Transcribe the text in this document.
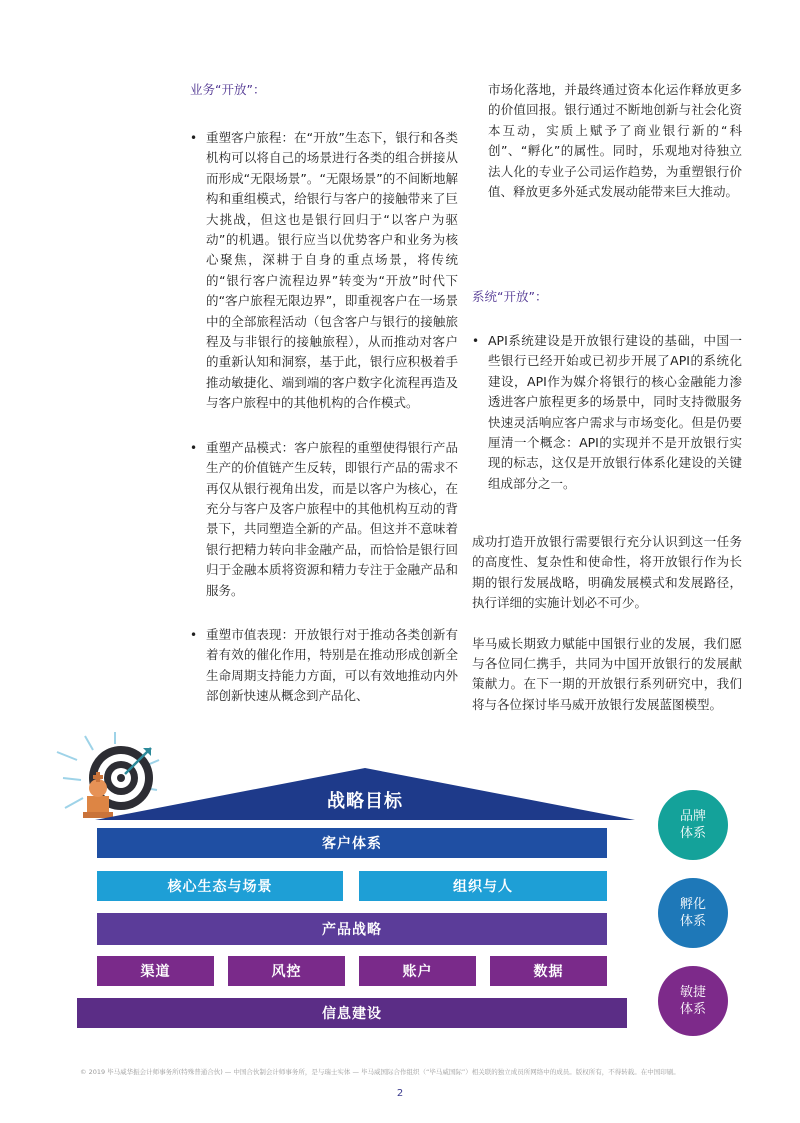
业务“开放”：
• 重塑客户旅程：在“开放”生态下，银行和各类机构可以将自己的场景进行各类的组合拼接从而形成“无限场景”。“无限场景”的不间断地解构和重组模式，给银行与客户的接触带来了巨大挑战，但这也是银行回归于“以客户为驱动”的机遇。银行应当以优势客户和业务为核心聚焦，深耕于自身的重点场景，将传统的“银行客户流程边界”转变为“开放”时代下的“客户旅程无限边界”，即重视客户在一场景中的全部旅程活动（包含客户与银行的接触旅程及与非银行的接触旅程），从而推动对客户的重新认知和洞察，基于此，银行应积极着手推动敏捷化、端到端的客户数字化流程再造及与客户旅程中的其他机构的合作模式。
• 重塑产品模式：客户旅程的重塑使得银行产品生产的价值链产生反转，即银行产品的需求不再仅从银行视角出发，而是以客户为核心，在充分与客户及客户旅程中的其他机构互动的背景下，共同塑造全新的产品。但这并不意味着银行把精力转向非金融产品，而恰恰是银行回归于金融本质将资源和精力专注于金融产品和服务。
• 重塑市值表现：开放银行对于推动各类创新有着有效的催化作用，特别是在推动形成创新全生命周期支持能力方面，可以有效地推动内外部创新快速从概念到产品化、
市场化落地，并最终通过资本化运作释放更多的价值回报。银行通过不断地创新与社会化资本互动，实质上赋予了商业银行新的“科创”、“孵化”的属性。同时，乐观地对待独立法人化的专业子公司运作趋势，为重塑银行价值、释放更多外延式发展动能带来巨大推动。
系统“开放”：
• API系统建设是开放银行建设的基础，中国一些银行已经开始或已初步开展了API的系统化建设，API作为媒介将银行的核心金融能力渗透进客户旅程更多的场景中，同时支持微服务快速灵活响应客户需求与市场变化。但是仍要厘清一个概念：API的实现并不是开放银行实现的标志，这仅是开放银行体系化建设的关键组成部分之一。
成功打造开放银行需要银行充分认识到这一任务的高度性、复杂性和使命性，将开放银行作为长期的银行发展战略，明确发展模式和发展路径，执行详细的实施计划必不可少。
毕马威长期致力赋能中国银行业的发展，我们愿与各位同仁携手，共同为中国开放银行的发展献策献力。在下一期的开放银行系列研究中，我们将与各位探讨毕马威开放银行发展蓝图模型。
战略目标
客户体系
核心生态与场景	组织与人
产品战略
渠道	风控	账户	数据
信息建设
品牌
体系
孵化
体系
敏捷
体系
© 2019 毕马威华振会计师事务所(特殊普通合伙) — 中国合伙制会计师事务所，是与瑞士实体 — 毕马威国际合作组织（“毕马威国际”）相关联的独立成员所网络中的成员。版权所有，不得转载。在中国印刷。
2
